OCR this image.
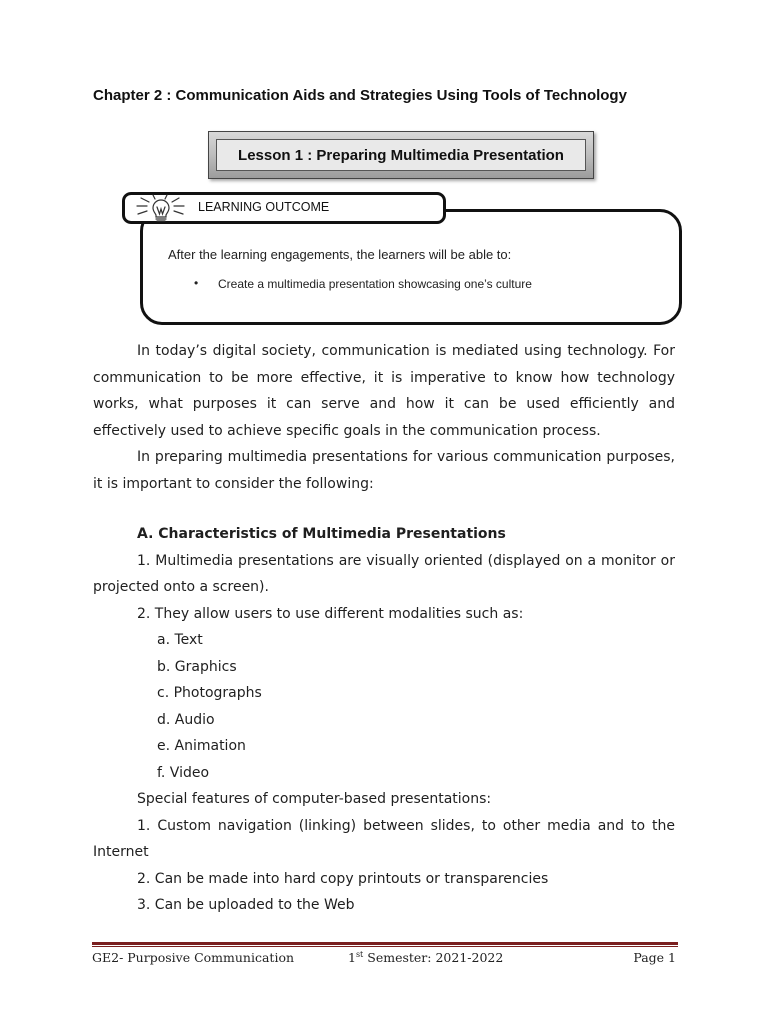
Chapter 2 : Communication Aids and Strategies Using Tools of Technology
Lesson 1 : Preparing Multimedia Presentation
LEARNING OUTCOME
After the learning engagements, the learners will be able to:
• Create a multimedia presentation showcasing one’s culture

In today’s digital society, communication is mediated using technology. For communication to be more effective, it is imperative to know how technology works, what purposes it can serve and how it can be used efficiently and effectively used to achieve specific goals in the communication process.

In preparing multimedia presentations for various communication purposes, it is important to consider the following:

A. Characteristics of Multimedia Presentations

1. Multimedia presentations are visually oriented (displayed on a monitor or projected onto a screen).

2. They allow users to use different modalities such as:

a. Text

b. Graphics

c. Photographs

d. Audio

e. Animation

f. Video

Special features of computer-based presentations:

1. Custom navigation (linking) between slides, to other media and to the Internet

2. Can be made into hard copy printouts or transparencies

3. Can be uploaded to the Web

GE2- Purposive Communication	1st Semester: 2021-2022	Page 1
